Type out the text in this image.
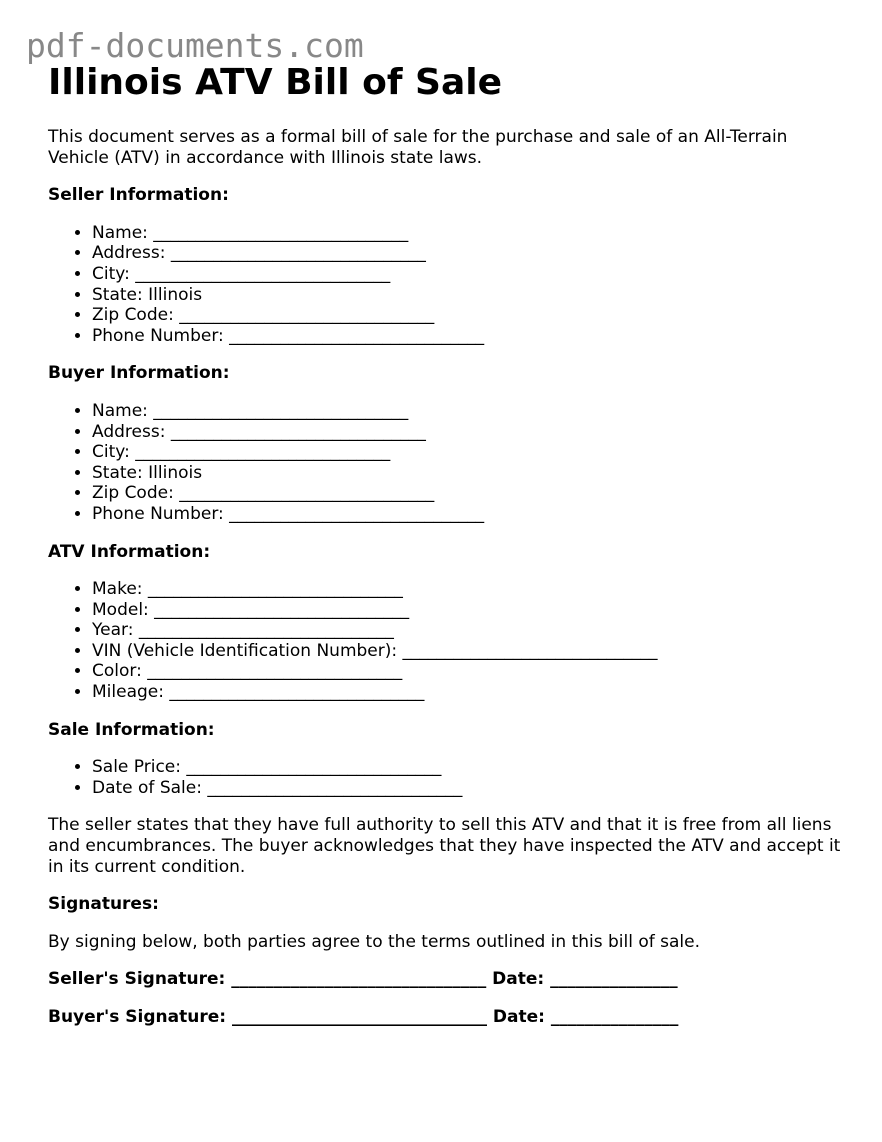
pdf-documents.com
Illinois ATV Bill of Sale

This document serves as a formal bill of sale for the purchase and sale of an All-Terrain Vehicle (ATV) in accordance with Illinois state laws.

Seller Information:
• Name: ______________________________
• Address: ______________________________
• City: ______________________________
• State: Illinois
• Zip Code: ______________________________
• Phone Number: ______________________________
Buyer Information:
• Name: ______________________________
• Address: ______________________________
• City: ______________________________
• State: Illinois
• Zip Code: ______________________________
• Phone Number: ______________________________
ATV Information:
• Make: ______________________________
• Model: ______________________________
• Year: ______________________________
• VIN (Vehicle Identification Number): ______________________________
• Color: ______________________________
• Mileage: ______________________________
Sale Information:
• Sale Price: ______________________________
• Date of Sale: ______________________________

The seller states that they have full authority to sell this ATV and that it is free from all liens and encumbrances. The buyer acknowledges that they have inspected the ATV and accept it in its current condition.

Signatures:

By signing below, both parties agree to the terms outlined in this bill of sale.

Seller's Signature: ______________________________ Date: _______________
Buyer's Signature: ______________________________ Date: _______________
